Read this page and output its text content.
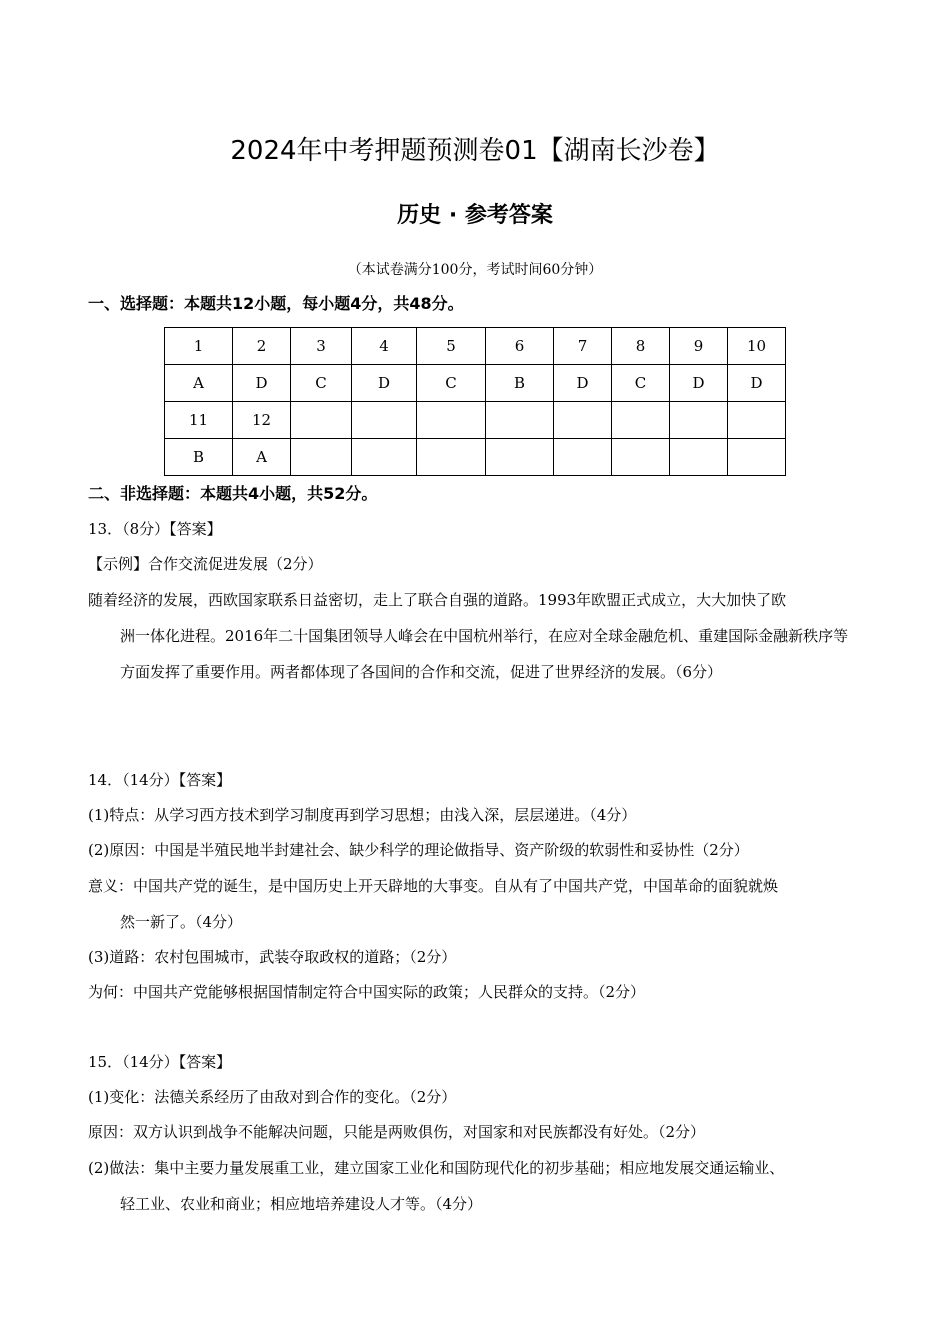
2024年中考押题预测卷01【湖南长沙卷】
历史 · 参考答案
（本试卷满分100分，考试时间60分钟）
一、选择题：本题共12小题，每小题4分，共48分。
1	2	3	4	5	6	7	8	9	10
A	D	C	D	C	B	D	C	D	D
11	12								
B	A								
二、非选择题：本题共4小题，共52分。
13．（8分）【答案】
【示例】合作交流促进发展（2分）
随着经济的发展，西欧国家联系日益密切，走上了联合自强的道路。1993年欧盟正式成立，大大加快了欧
洲一体化进程。2016年二十国集团领导人峰会在中国杭州举行，在应对全球金融危机、重建国际金融新秩序等方面发挥了重要作用。两者都体现了各国间的合作和交流，促进了世界经济的发展。（6分）
14．（14分）【答案】
(1)特点：从学习西方技术到学习制度再到学习思想；由浅入深，层层递进。（4分）
(2)原因：中国是半殖民地半封建社会、缺少科学的理论做指导、资产阶级的软弱性和妥协性（2分）
意义：中国共产党的诞生，是中国历史上开天辟地的大事变。自从有了中国共产党，中国革命的面貌就焕
然一新了。（4分）
(3)道路：农村包围城市，武装夺取政权的道路；（2分）
为何：中国共产党能够根据国情制定符合中国实际的政策；人民群众的支持。（2分）
15．（14分）【答案】
(1)变化：法德关系经历了由敌对到合作的变化。（2分）
原因：双方认识到战争不能解决问题，只能是两败俱伤，对国家和对民族都没有好处。（2分）
(2)做法：集中主要力量发展重工业，建立国家工业化和国防现代化的初步基础；相应地发展交通运输业、
轻工业、农业和商业；相应地培养建设人才等。（4分）
